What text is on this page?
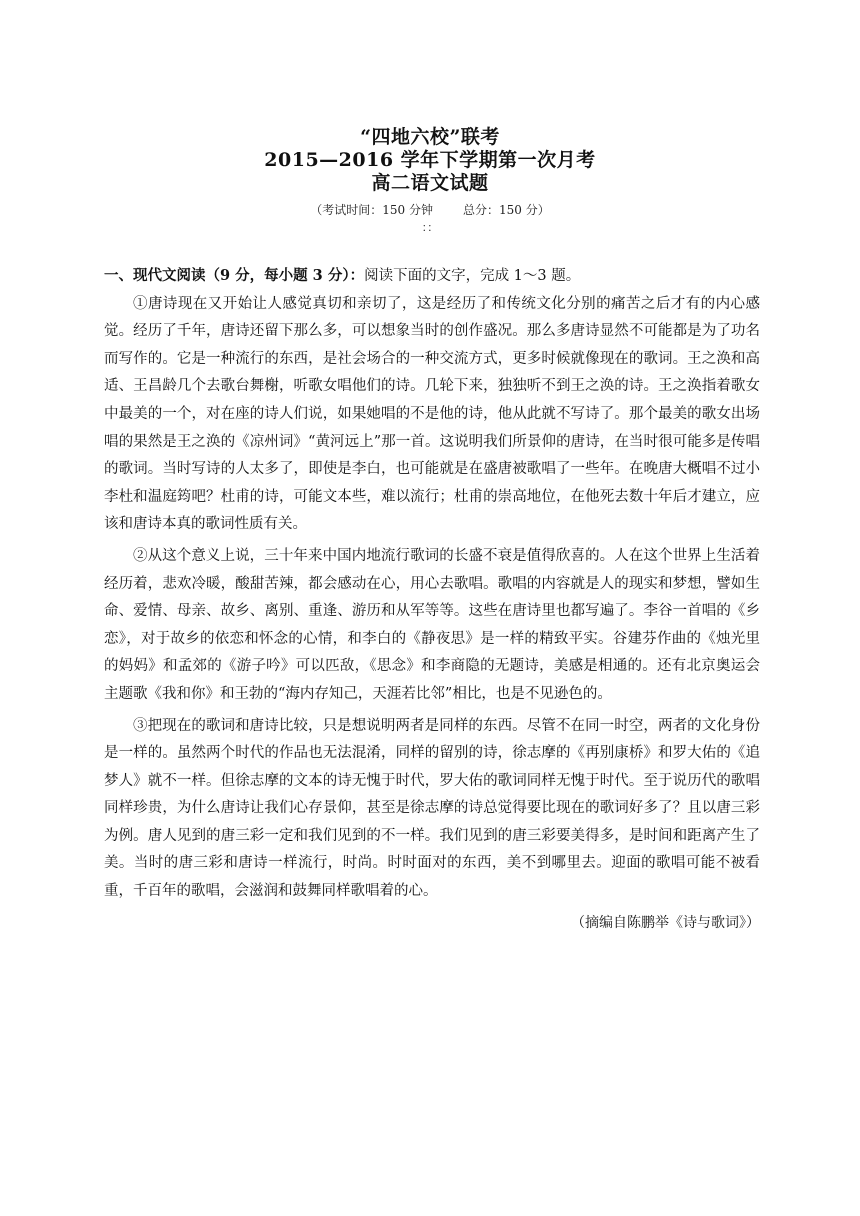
“四地六校”联考

2015—2016 学年下学期第一次月考

高二语文试题

（考试时间：150 分钟	总分：150 分）
：：

一、现代文阅读（9 分，每小题 3 分）：阅读下面的文字，完成 1～3 题。

①唐诗现在又开始让人感觉真切和亲切了，这是经历了和传统文化分别的痛苦之后才有的内心感觉。经历了千年，唐诗还留下那么多，可以想象当时的创作盛况。那么多唐诗显然不可能都是为了功名而写作的。它是一种流行的东西，是社会场合的一种交流方式，更多时候就像现在的歌词。王之涣和高适、王昌龄几个去歌台舞榭，听歌女唱他们的诗。几轮下来，独独听不到王之涣的诗。王之涣指着歌女中最美的一个，对在座的诗人们说，如果她唱的不是他的诗，他从此就不写诗了。那个最美的歌女出场唱的果然是王之涣的《凉州词》“黄河远上”那一首。这说明我们所景仰的唐诗，在当时很可能多是传唱的歌词。当时写诗的人太多了，即使是李白，也可能就是在盛唐被歌唱了一些年。在晚唐大概唱不过小李杜和温庭筠吧？杜甫的诗，可能文本些，难以流行；杜甫的崇高地位，在他死去数十年后才建立，应该和唐诗本真的歌词性质有关。

②从这个意义上说，三十年来中国内地流行歌词的长盛不衰是值得欣喜的。人在这个世界上生活着经历着，悲欢冷暖，酸甜苦辣，都会感动在心，用心去歌唱。歌唱的内容就是人的现实和梦想，譬如生命、爱情、母亲、故乡、离别、重逢、游历和从军等等。这些在唐诗里也都写遍了。李谷一首唱的《乡恋》，对于故乡的依恋和怀念的心情，和李白的《静夜思》是一样的精致平实。谷建芬作曲的《烛光里的妈妈》和孟郊的《游子吟》可以匹敌，《思念》和李商隐的无题诗，美感是相通的。还有北京奥运会主题歌《我和你》和王勃的“海内存知己，天涯若比邻”相比，也是不见逊色的。

③把现在的歌词和唐诗比较，只是想说明两者是同样的东西。尽管不在同一时空，两者的文化身份是一样的。虽然两个时代的作品也无法混淆，同样的留别的诗，徐志摩的《再别康桥》和罗大佑的《追梦人》就不一样。但徐志摩的文本的诗无愧于时代，罗大佑的歌词同样无愧于时代。至于说历代的歌唱同样珍贵，为什么唐诗让我们心存景仰，甚至是徐志摩的诗总觉得要比现在的歌词好多了？且以唐三彩为例。唐人见到的唐三彩一定和我们见到的不一样。我们见到的唐三彩要美得多，是时间和距离产生了美。当时的唐三彩和唐诗一样流行，时尚。时时面对的东西，美不到哪里去。迎面的歌唱可能不被看重，千百年的歌唱，会滋润和鼓舞同样歌唱着的心。

（摘编自陈鹏举《诗与歌词》）
